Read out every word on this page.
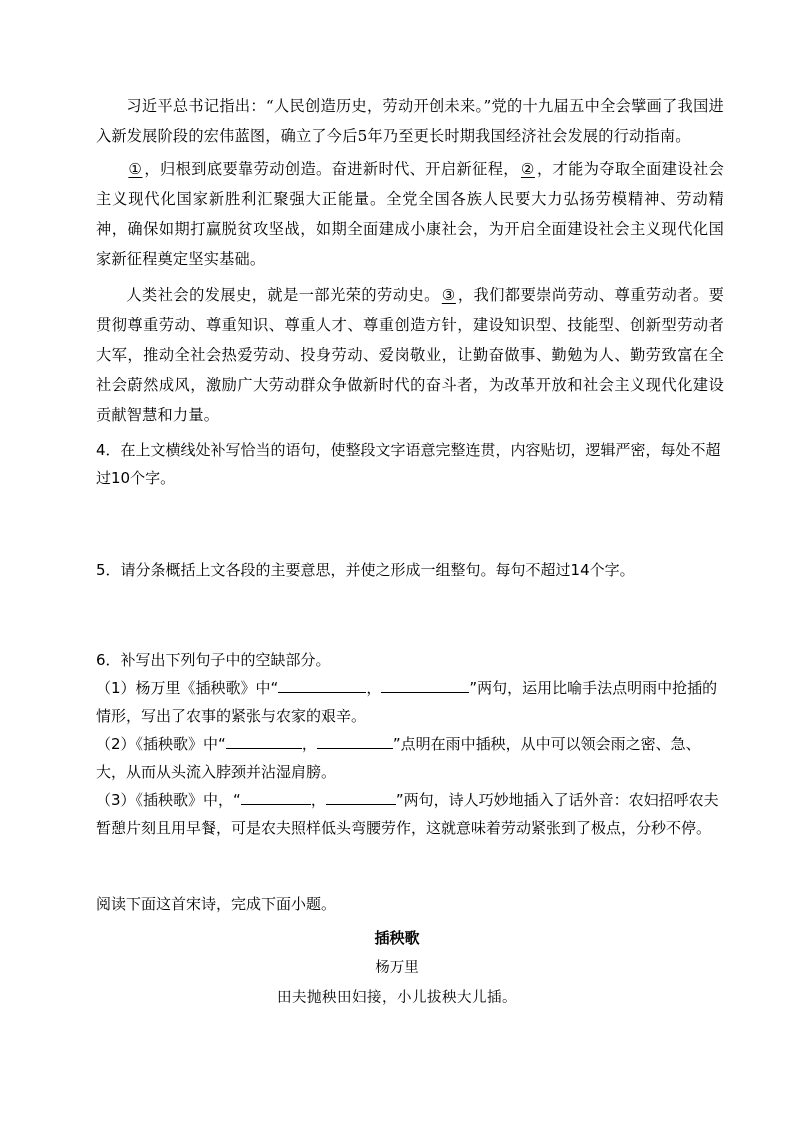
习近平总书记指出：“人民创造历史，劳动开创未来。”党的十九届五中全会擘画了我国进入新发展阶段的宏伟蓝图，确立了今后5年乃至更长时期我国经济社会发展的行动指南。
① ，归根到底要靠劳动创造。奋进新时代、开启新征程， ② ，才能为夺取全面建设社会主义现代化国家新胜利汇聚强大正能量。全党全国各族人民要大力弘扬劳模精神、劳动精神，确保如期打赢脱贫攻坚战，如期全面建成小康社会，为开启全面建设社会主义现代化国家新征程奠定坚实基础。
人类社会的发展史，就是一部光荣的劳动史。 ③ ，我们都要崇尚劳动、尊重劳动者。要贯彻尊重劳动、尊重知识、尊重人才、尊重创造方针，建设知识型、技能型、创新型劳动者大军，推动全社会热爱劳动、投身劳动、爱岗敬业，让勤奋做事、勤勉为人、勤劳致富在全社会蔚然成风，激励广大劳动群众争做新时代的奋斗者，为改革开放和社会主义现代化建设贡献智慧和力量。
4．在上文横线处补写恰当的语句，使整段文字语意完整连贯，内容贴切，逻辑严密，每处不超过10个字。
5．请分条概括上文各段的主要意思，并使之形成一组整句。每句不超过14个字。
6．补写出下列句子中的空缺部分。
（1）杨万里《插秧歌》中“	，	”两句，运用比喻手法点明雨中抢插的情形，写出了农事的紧张与农家的艰辛。
（2）《插秧歌》中“	，	”点明在雨中插秧，从中可以领会雨之密、急、大，从而从头流入脖颈并沾湿肩膀。
（3）《插秧歌》中，“	，	”两句，诗人巧妙地插入了话外音：农妇招呼农夫暂憩片刻且用早餐，可是农夫照样低头弯腰劳作，这就意味着劳动紧张到了极点，分秒不停。
阅读下面这首宋诗，完成下面小题。
插秧歌
杨万里
田夫抛秧田妇接，小儿拔秧大儿插。
